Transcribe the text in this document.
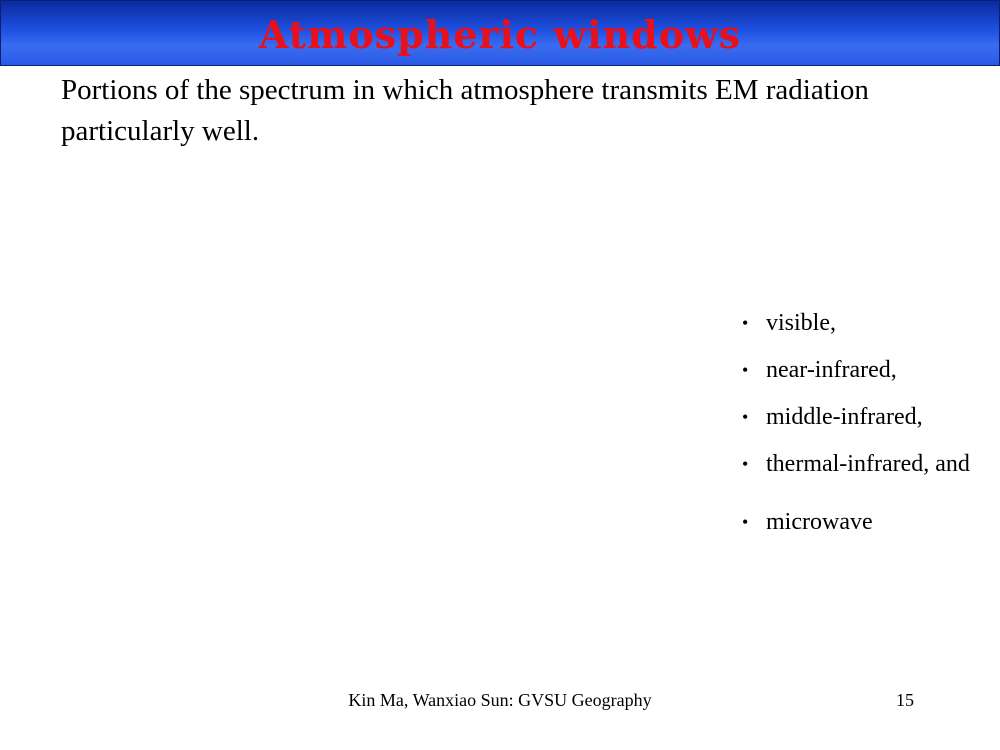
Atmospheric windows
Portions of the spectrum in which atmosphere transmits EM radiation particularly well.
• visible,
• near-infrared,
• middle-infrared,
• thermal-infrared, and
• microwave
Kin Ma, Wanxiao Sun: GVSU Geography	15
